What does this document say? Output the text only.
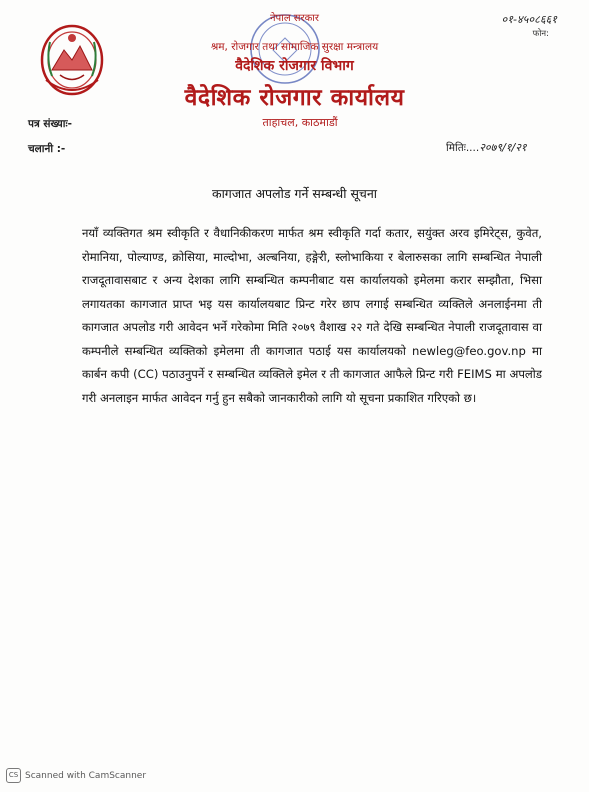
नेपाल सरकार
श्रम, रोजगार तथा सामाजिक सुरक्षा मन्त्रालय
वैदेशिक रोजगार विभाग
वैदेशिक रोजगार कार्यालय
ताहाचल, काठमाडौं
०१-४५०८६६१
फोन:
पत्र संख्याः-
चलानी :-	मितिः....२०७९/१/२१
कागजात अपलोड गर्ने सम्बन्धी सूचना
नयाँ व्यक्तिगत श्रम स्वीकृति र वैधानिकीकरण मार्फत श्रम स्वीकृति गर्दा कतार, सयुंक्त अरव इमिरेट्स, कुवेत, रोमानिया, पोल्याण्ड, क्रोसिया, माल्दोभा, अल्बनिया, हङ्गेरी, स्लोभाकिया र बेलारुसका लागि सम्बन्धित नेपाली राजदूतावासबाट र अन्य देशका लागि सम्बन्धित कम्पनीबाट यस कार्यालयको इमेलमा करार सम्झौता, भिसा लगायतका कागजात प्राप्त भइ यस कार्यालयबाट प्रिन्ट गरेर छाप लगाई सम्बन्धित व्यक्तिले अनलाईनमा ती कागजात अपलोड गरी आवेदन भर्ने गरेकोमा मिति २०७९ वैशाख २२ गते देखि सम्बन्धित नेपाली राजदूतावास वा कम्पनीले सम्बन्धित व्यक्तिको इमेलमा ती कागजात पठाई यस कार्यालयको newleg@feo.gov.np मा कार्बन कपी (CC) पठाउनुपर्ने र सम्बन्धित व्यक्तिले इमेल र ती कागजात आफैले प्रिन्ट गरी FEIMS मा अपलोड गरी अनलाइन मार्फत आवेदन गर्नु हुन सबैको जानकारीको लागि यो सूचना प्रकाशित गरिएको छ।
CS Scanned with CamScanner
